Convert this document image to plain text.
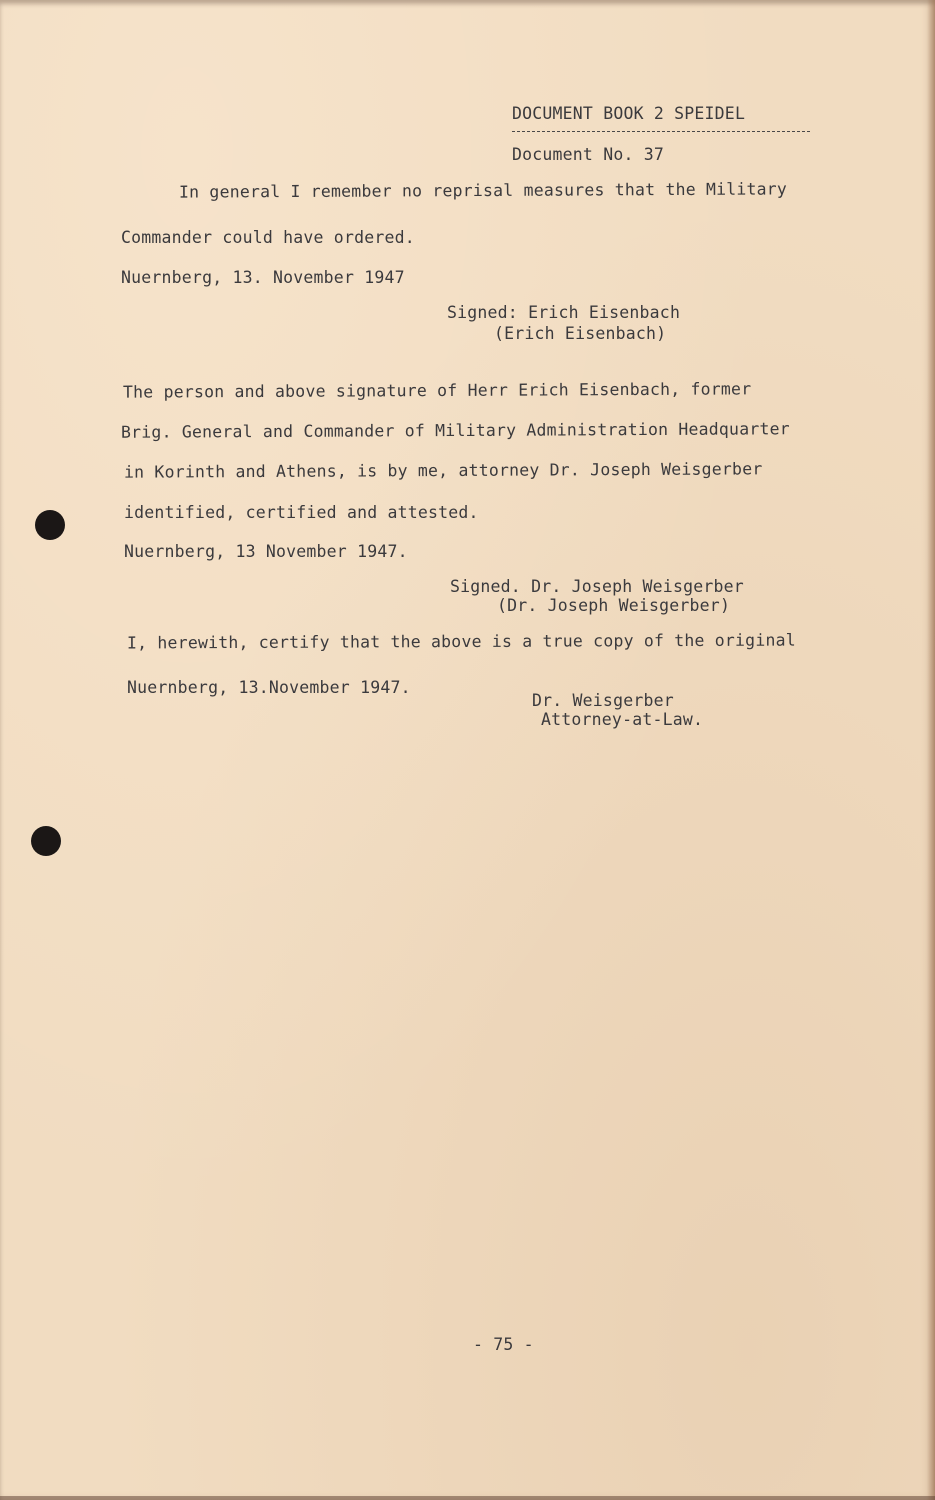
DOCUMENT BOOK 2 SPEIDEL
Document No. 37
In general I remember no reprisal measures that the Military
Commander could have ordered.
Nuernberg, 13. November 1947
Signed: Erich Eisenbach
(Erich Eisenbach)
The person and above signature of Herr Erich Eisenbach, former
Brig. General and Commander of Military Administration Headquarter
in Korinth and Athens, is by me, attorney Dr. Joseph Weisgerber
identified, certified and attested.
Nuernberg, 13 November 1947.
Signed. Dr. Joseph Weisgerber
(Dr. Joseph Weisgerber)
I, herewith, certify that the above is a true copy of the original
Nuernberg, 13.November 1947.
Dr. Weisgerber
Attorney-at-Law.
- 75 -
